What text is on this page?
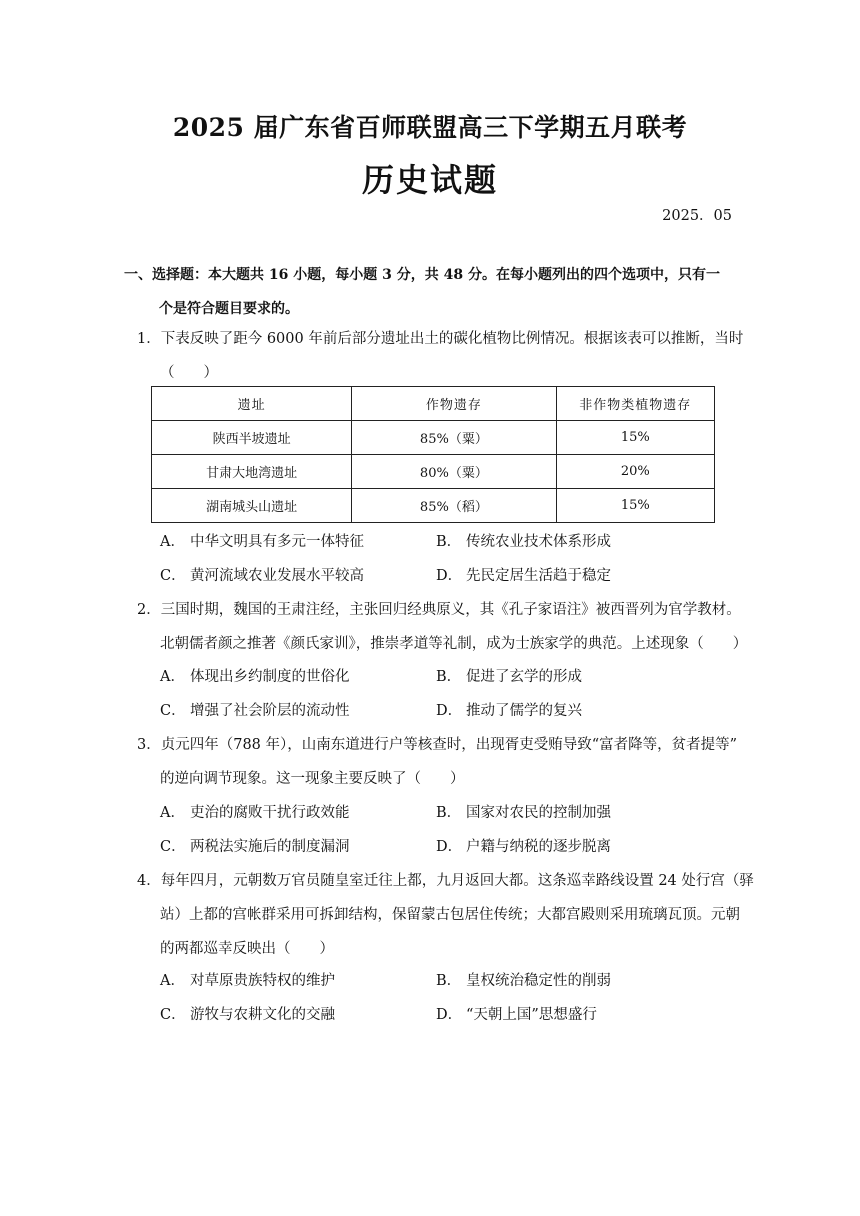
2025 届广东省百师联盟高三下学期五月联考
历史试题
2025．05
一、选择题：本大题共 16 小题，每小题 3 分，共 48 分。在每小题列出的四个选项中，只有一
个是符合题目要求的。
1．下表反映了距今 6000 年前后部分遗址出土的碳化植物比例情况。根据该表可以推断，当时
（　　）
遗址	作物遗存	非作物类植物遗存
陕西半坡遗址	85%（粟）	15%
甘肃大地湾遗址	80%（粟）	20%
湖南城头山遗址	85%（稻）	15%
A． 中华文明具有多元一体特征	B． 传统农业技术体系形成
C． 黄河流域农业发展水平较高	D． 先民定居生活趋于稳定
2．三国时期，魏国的王肃注经，主张回归经典原义，其《孔子家语注》被西晋列为官学教材。
北朝儒者颜之推著《颜氏家训》，推崇孝道等礼制，成为士族家学的典范。上述现象（　　）
A． 体现出乡约制度的世俗化	B． 促进了玄学的形成
C． 增强了社会阶层的流动性	D． 推动了儒学的复兴
3．贞元四年（788 年），山南东道进行户等核查时，出现胥吏受贿导致“富者降等，贫者提等”
的逆向调节现象。这一现象主要反映了（　　）
A． 吏治的腐败干扰行政效能	B． 国家对农民的控制加强
C． 两税法实施后的制度漏洞	D． 户籍与纳税的逐步脱离
4．每年四月，元朝数万官员随皇室迁往上都，九月返回大都。这条巡幸路线设置 24 处行宫（驿
站）上都的宫帐群采用可拆卸结构，保留蒙古包居住传统；大都宫殿则采用琉璃瓦顶。元朝
的两都巡幸反映出（　　）
A． 对草原贵族特权的维护	B． 皇权统治稳定性的削弱
C． 游牧与农耕文化的交融	D． “天朝上国”思想盛行
